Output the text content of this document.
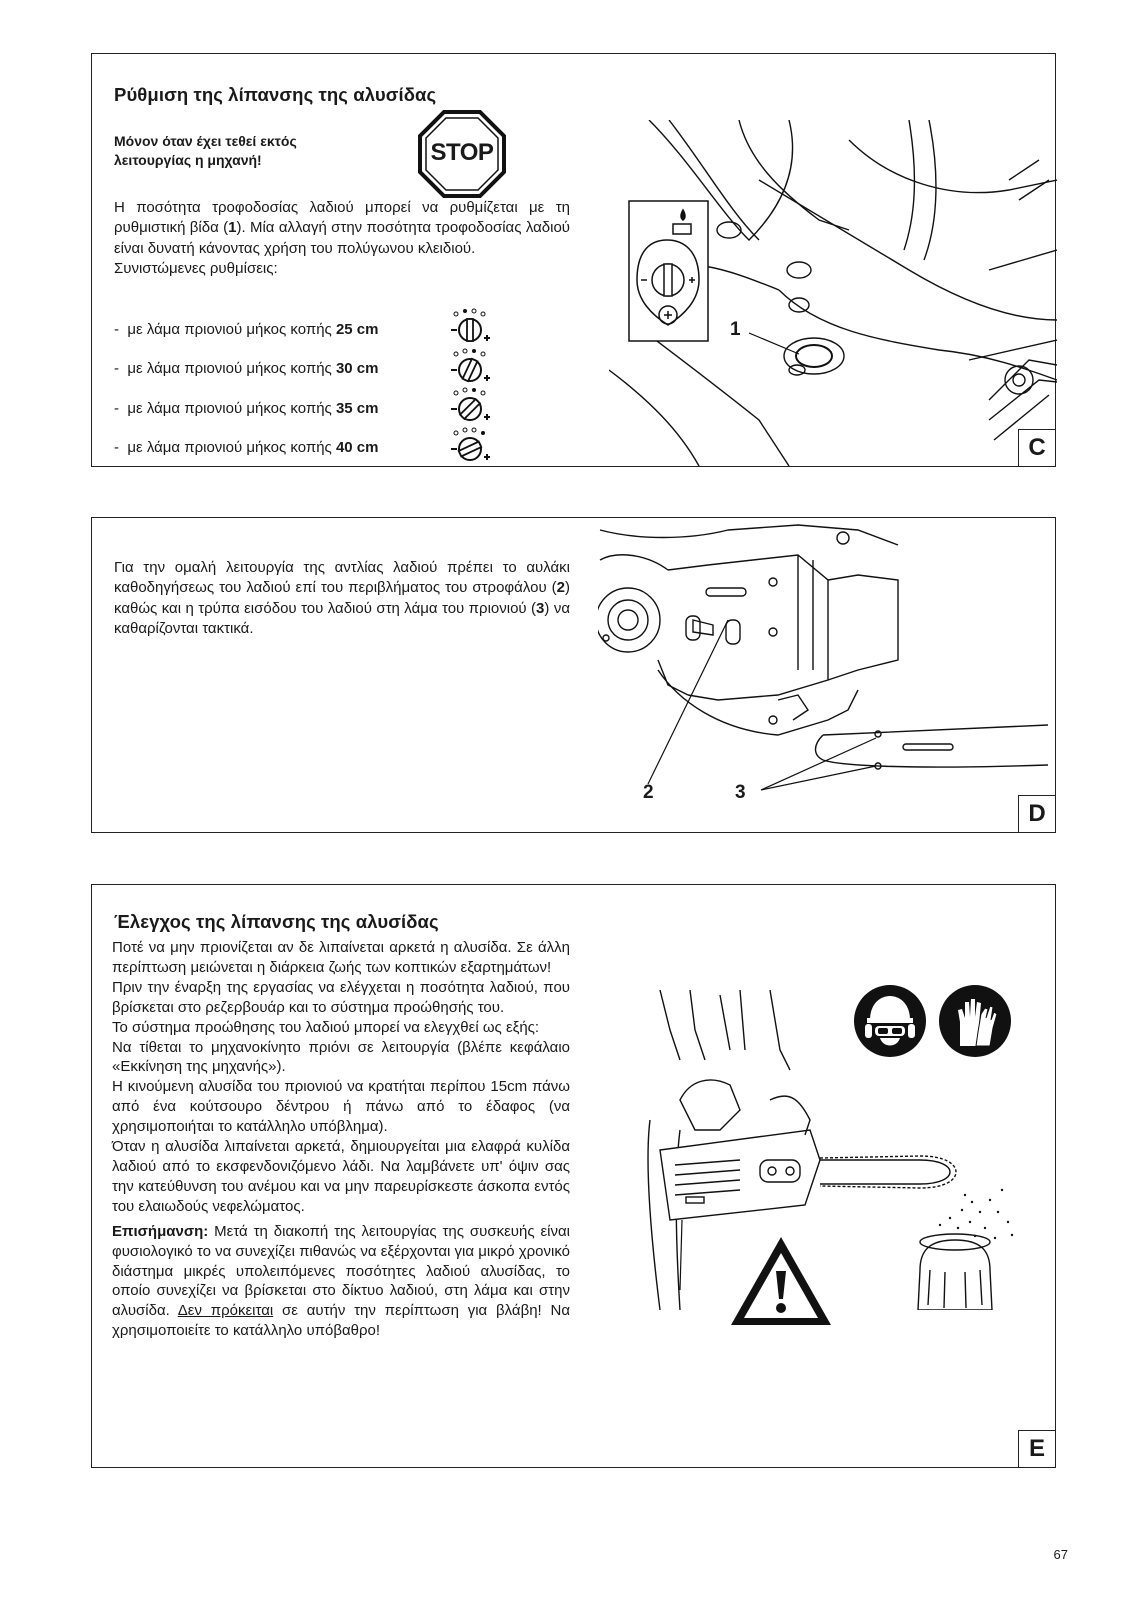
Ρύθμιση της λίπανσης της αλυσίδας
Μόνον όταν έχει τεθεί εκτός
λειτουργίας η μηχανή!	STOP

Η ποσότητα τροφοδοσίας λαδιού μπορεί να ρυθμίζεται με τη ρυθμιστική βίδα (1). Μία αλλαγή στην ποσότητα τροφοδοσίας λαδιού είναι δυνατή κάνοντας χρήση του πολύγωνου κλειδιού.

Συνιστώμενες ρυθμίσεις:

-  με λάμα πριονιού μήκος κοπής 25 cm
-  με λάμα πριονιού μήκος κοπής 30 cm
-  με λάμα πριονιού μήκος κοπής 35 cm
-  με λάμα πριονιού μήκος κοπής 40 cm
1
C

Για την ομαλή λειτουργία της αντλίας λαδιού πρέπει το αυλάκι καθοδηγήσεως του λαδιού επί του περιβλήματος του στροφάλου (2) καθώς και η τρύπα εισόδου του λαδιού στη λάμα του πριονιού (3) να καθαρίζονται τακτικά.

2	3
D
Έλεγχος της λίπανσης της αλυσίδας

Ποτέ να μην πριονίζεται αν δε λιπαίνεται αρκετά η αλυσίδα. Σε άλλη περίπτωση μειώνεται η διάρκεια ζωής των κοπτικών εξαρτημάτων!

Πριν την έναρξη της εργασίας να ελέγχεται η ποσότητα λαδιού, που βρίσκεται στο ρεζερβουάρ και το σύστημα προώθησής του.

Το σύστημα προώθησης του λαδιού μπορεί να ελεγχθεί ως εξής:

Να τίθεται το μηχανοκίνητο πριόνι σε λειτουργία (βλέπε κεφάλαιο «Εκκίνηση της μηχανής»).

Η κινούμενη αλυσίδα του πριονιού να κρατήται περίπου 15cm πάνω από ένα κούτσουρο δέντρου ή πάνω από το έδαφος (να χρησιμοποιήται το κατάλληλο υπόβλημα).

Όταν η αλυσίδα λιπαίνεται αρκετά, δημιουργείται μια ελαφρά κυλίδα λαδιού από το εκσφενδονιζόμενο λάδι. Να λαμβάνετε υπ' όψιν σας την κατεύθυνση του ανέμου και να μην παρευρίσκεστε άσκοπα εντός του ελαιωδούς νεφελώματος.

Επισήμανση: Μετά τη διακοπή της λειτουργίας της συσκευής είναι φυσιολογικό το να συνεχίζει πιθανώς να εξέρχονται για μικρό χρονικό διάστημα μικρές υπολειπόμενες ποσότητες λαδιού αλυσίδας, το οποίο συνεχίζει να βρίσκεται στο δίκτυο λαδιού, στη λάμα και στην αλυσίδα. Δεν πρόκειται σε αυτήν την περίπτωση για βλάβη! Να χρησιμοποιείτε το κατάλληλο υπόβαθρο!

E
67
